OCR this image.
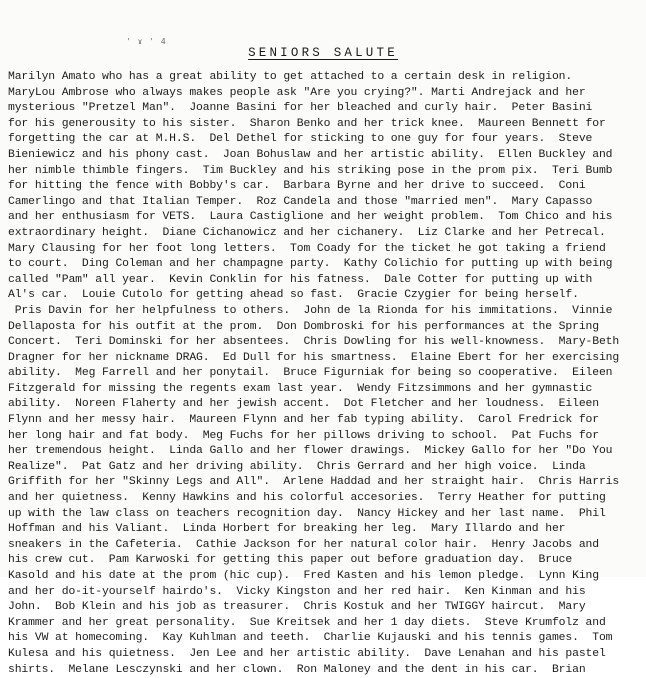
ꞌ ɤ ꞌ 4
SENIORS SALUTE
Marilyn Amato who has a great ability to get attached to a certain desk in religion.
MaryLou Ambrose who always makes people ask "Are you crying?". Marti Andrejack and her
mysterious "Pretzel Man".  Joanne Basini for her bleached and curly hair.  Peter Basini
for his generousity to his sister.  Sharon Benko and her trick knee.  Maureen Bennett for
forgetting the car at M.H.S.  Del Dethel for sticking to one guy for four years.  Steve
Bieniewicz and his phony cast.  Joan Bohuslaw and her artistic ability.  Ellen Buckley and
her nimble thimble fingers.  Tim Buckley and his striking pose in the prom pix.  Teri Bumb
for hitting the fence with Bobby's car.  Barbara Byrne and her drive to succeed.  Coni
Camerlingo and that Italian Temper.  Roz Candela and those "married men".  Mary Capasso
and her enthusiasm for VETS.  Laura Castiglione and her weight problem.  Tom Chico and his
extraordinary height.  Diane Cichanowicz and her cichanery.  Liz Clarke and her Petrecal.
Mary Clausing for her foot long letters.  Tom Coady for the ticket he got taking a friend
to court.  Ding Coleman and her champagne party.  Kathy Colichio for putting up with being
called "Pam" all year.  Kevin Conklin for his fatness.  Dale Cotter for putting up with
Al's car.  Louie Cutolo for getting ahead so fast.  Gracie Czygier for being herself.
Pris Davin for her helpfulness to others.  John de la Rionda for his immitations.  Vinnie
Dellaposta for his outfit at the prom.  Don Dombroski for his performances at the Spring
Concert.  Teri Dominski for her absentees.  Chris Dowling for his well-knowness.  Mary-Beth
Dragner for her nickname DRAG.  Ed Dull for his smartness.  Elaine Ebert for her exercising
ability.  Meg Farrell and her ponytail.  Bruce Figurniak for being so cooperative.  Eileen
Fitzgerald for missing the regents exam last year.  Wendy Fitzsimmons and her gymnastic
ability.  Noreen Flaherty and her jewish accent.  Dot Fletcher and her loudness.  Eileen
Flynn and her messy hair.  Maureen Flynn and her fab typing ability.  Carol Fredrick for
her long hair and fat body.  Meg Fuchs for her pillows driving to school.  Pat Fuchs for
her tremendous height.  Linda Gallo and her flower drawings.  Mickey Gallo for her "Do You
Realize".  Pat Gatz and her driving ability.  Chris Gerrard and her high voice.  Linda
Griffith for her "Skinny Legs and All".  Arlene Haddad and her straight hair.  Chris Harris
and her quietness.  Kenny Hawkins and his colorful accesories.  Terry Heather for putting
up with the law class on teachers recognition day.  Nancy Hickey and her last name.  Phil
Hoffman and his Valiant.  Linda Horbert for breaking her leg.  Mary Illardo and her
sneakers in the Cafeteria.  Cathie Jackson for her natural color hair.  Henry Jacobs and
his crew cut.  Pam Karwoski for getting this paper out before graduation day.  Bruce
Kasold and his date at the prom (hic cup).  Fred Kasten and his lemon pledge.  Lynn King
and her do-it-yourself hairdo's.  Vicky Kingston and her red hair.  Ken Kinman and his
John.  Bob Klein and his job as treasurer.  Chris Kostuk and her TWIGGY haircut.  Mary
Krammer and her great personality.  Sue Kreitsek and her 1 day diets.  Steve Krumfolz and
his VW at homecoming.  Kay Kuhlman and teeth.  Charlie Kujauski and his tennis games.  Tom
Kulesa and his quietness.  Jen Lee and her artistic ability.  Dave Lenahan and his pastel
shirts.  Melane Lesczynski and her clown.  Ron Maloney and the dent in his car.  Brian
